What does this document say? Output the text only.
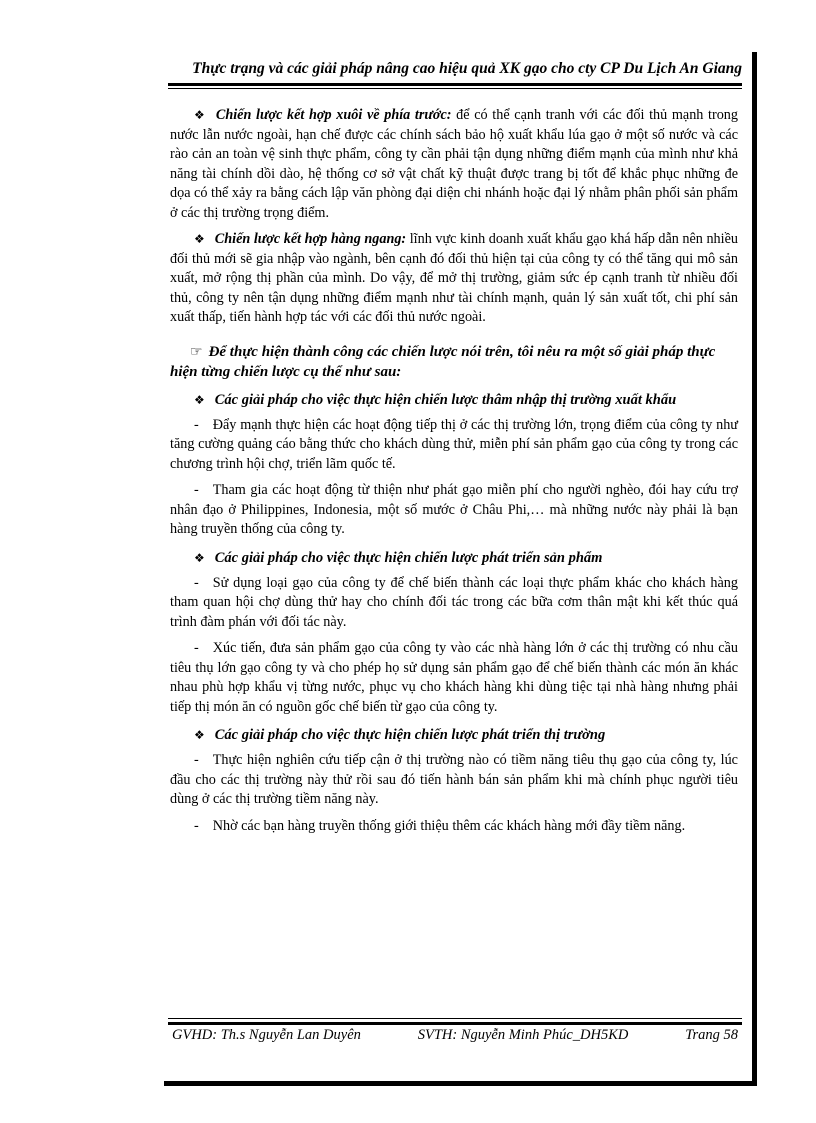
Thực trạng và các giải pháp nâng cao hiệu quả XK gạo cho cty CP Du Lịch An Giang

❖ Chiến lược kết hợp xuôi về phía trước: để có thể cạnh tranh với các đối thủ mạnh trong nước lẫn nước ngoài, hạn chế được các chính sách bảo hộ xuất khẩu lúa gạo ở một số nước và các rào cản an toàn vệ sinh thực phẩm, công ty cần phải tận dụng những điểm mạnh của mình như khả năng tài chính dồi dào, hệ thống cơ sở vật chất kỹ thuật được trang bị tốt để khắc phục những đe dọa có thể xảy ra bằng cách lập văn phòng đại diện chi nhánh hoặc đại lý nhằm phân phối sản phẩm ở các thị trường trọng điểm.

❖ Chiến lược kết hợp hàng ngang: lĩnh vực kinh doanh xuất khẩu gạo khá hấp dẫn nên nhiều đối thủ mới sẽ gia nhập vào ngành, bên cạnh đó đối thủ hiện tại của công ty có thể tăng qui mô sản xuất, mở rộng thị phần của mình. Do vậy, để mở thị trường, giảm sức ép cạnh tranh từ nhiều đối thủ, công ty nên tận dụng những điểm mạnh như tài chính mạnh, quản lý sản xuất tốt, chi phí sản xuất thấp, tiến hành hợp tác với các đối thủ nước ngoài.

☞ Để thực hiện thành công các chiến lược nói trên, tôi nêu ra một số giải pháp thực hiện từng chiến lược cụ thể như sau:
❖ Các giải pháp cho việc thực hiện chiến lược thâm nhập thị trường xuất khẩu

- Đẩy mạnh thực hiện các hoạt động tiếp thị ở các thị trường lớn, trọng điểm của công ty như tăng cường quảng cáo bằng thức cho khách dùng thử, miễn phí sản phẩm gạo của công ty trong các chương trình hội chợ, triển lãm quốc tế.

- Tham gia các hoạt động từ thiện như phát gạo miễn phí cho người nghèo, đói hay cứu trợ nhân đạo ở Philippines, Indonesia, một số mước ở Châu Phi,… mà những nước này phải là bạn hàng truyền thống của công ty.

❖ Các giải pháp cho việc thực hiện chiến lược phát triển sản phẩm

- Sử dụng loại gạo của công ty để chế biến thành các loại thực phẩm khác cho khách hàng tham quan hội chợ dùng thử hay cho chính đối tác trong các bữa cơm thân mật khi kết thúc quá trình đàm phán với đối tác này.

- Xúc tiến, đưa sản phẩm gạo của công ty vào các nhà hàng lớn ở các thị trường có nhu cầu tiêu thụ lớn gạo công ty và cho phép họ sử dụng sản phẩm gạo để chế biến thành các món ăn khác nhau phù hợp khẩu vị từng nước, phục vụ cho khách hàng khi dùng tiệc tại nhà hàng nhưng phải tiếp thị món ăn có nguồn gốc chế biến từ gạo của công ty.

❖ Các giải pháp cho việc thực hiện chiến lược phát triển thị trường

- Thực hiện nghiên cứu tiếp cận ở thị trường nào có tiềm năng tiêu thụ gạo của công ty, lúc đầu cho các thị trường này thử rồi sau đó tiến hành bán sản phẩm khi mà chính phục người tiêu dùng ở các thị trường tiềm năng này.

- Nhờ các bạn hàng truyền thống giới thiệu thêm các khách hàng mới đầy tiềm năng.

GVHD: Th.s Nguyễn Lan Duyên	SVTH: Nguyễn Minh Phúc_DH5KD	Trang 58
